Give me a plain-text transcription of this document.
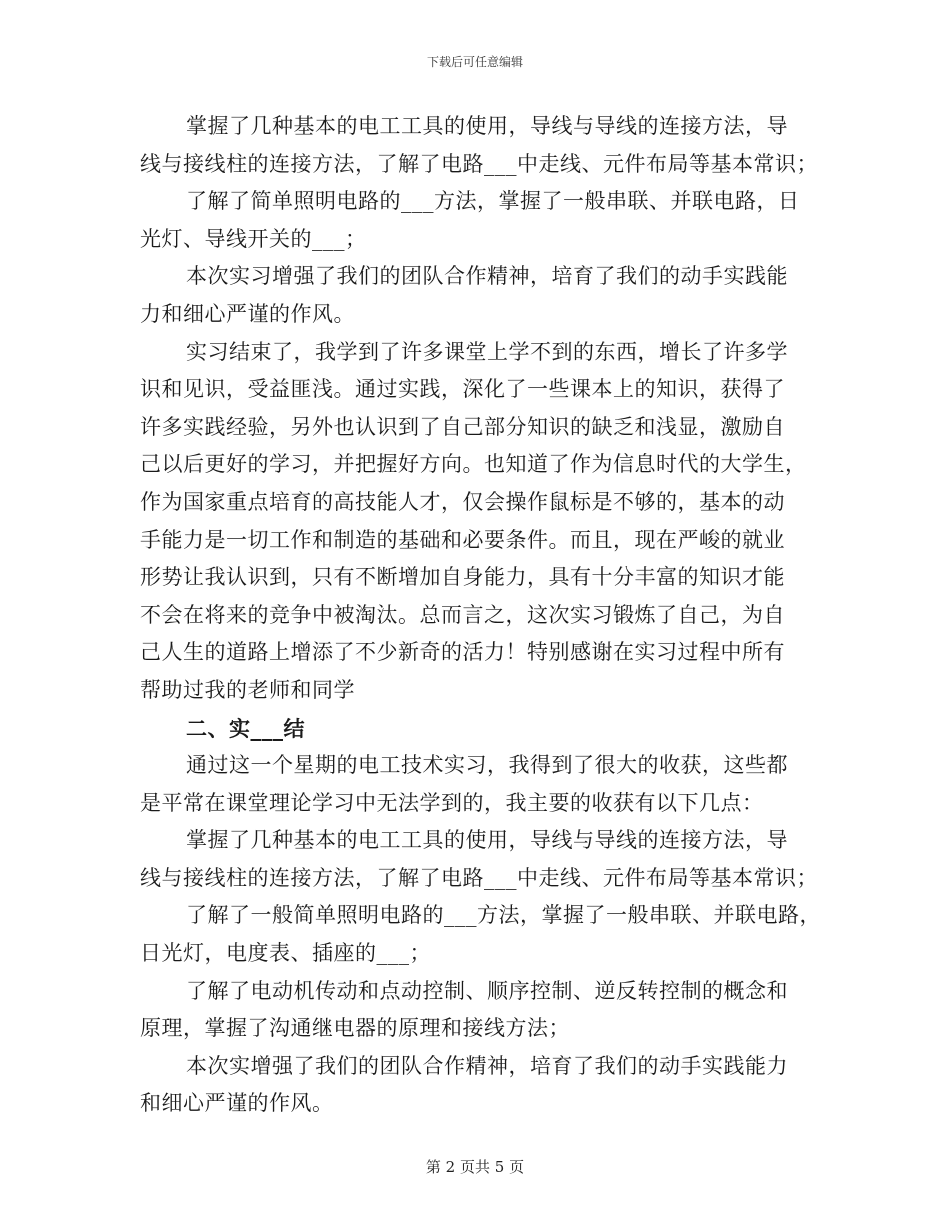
下载后可任意编辑
掌握了几种基本的电工工具的使用，导线与导线的连接方法，导
线与接线柱的连接方法，了解了电路___中走线、元件布局等基本常识；
了解了简单照明电路的___方法，掌握了一般串联、并联电路，日
光灯、导线开关的___；
本次实习增强了我们的团队合作精神，培育了我们的动手实践能
力和细心严谨的作风。
实习结束了，我学到了许多课堂上学不到的东西，增长了许多学
识和见识，受益匪浅。通过实践，深化了一些课本上的知识，获得了
许多实践经验，另外也认识到了自己部分知识的缺乏和浅显，激励自
己以后更好的学习，并把握好方向。也知道了作为信息时代的大学生，
作为国家重点培育的高技能人才，仅会操作鼠标是不够的，基本的动
手能力是一切工作和制造的基础和必要条件。而且，现在严峻的就业
形势让我认识到，只有不断增加自身能力，具有十分丰富的知识才能
不会在将来的竞争中被淘汰。总而言之，这次实习锻炼了自己，为自
己人生的道路上增添了不少新奇的活力！特别感谢在实习过程中所有
帮助过我的老师和同学
二、实___结
通过这一个星期的电工技术实习，我得到了很大的收获，这些都
是平常在课堂理论学习中无法学到的，我主要的收获有以下几点：
掌握了几种基本的电工工具的使用，导线与导线的连接方法，导
线与接线柱的连接方法，了解了电路___中走线、元件布局等基本常识；
了解了一般简单照明电路的___方法，掌握了一般串联、并联电路，
日光灯，电度表、插座的___；
了解了电动机传动和点动控制、顺序控制、逆反转控制的概念和
原理，掌握了沟通继电器的原理和接线方法；
本次实增强了我们的团队合作精神，培育了我们的动手实践能力
和细心严谨的作风。
第 2 页共 5 页
